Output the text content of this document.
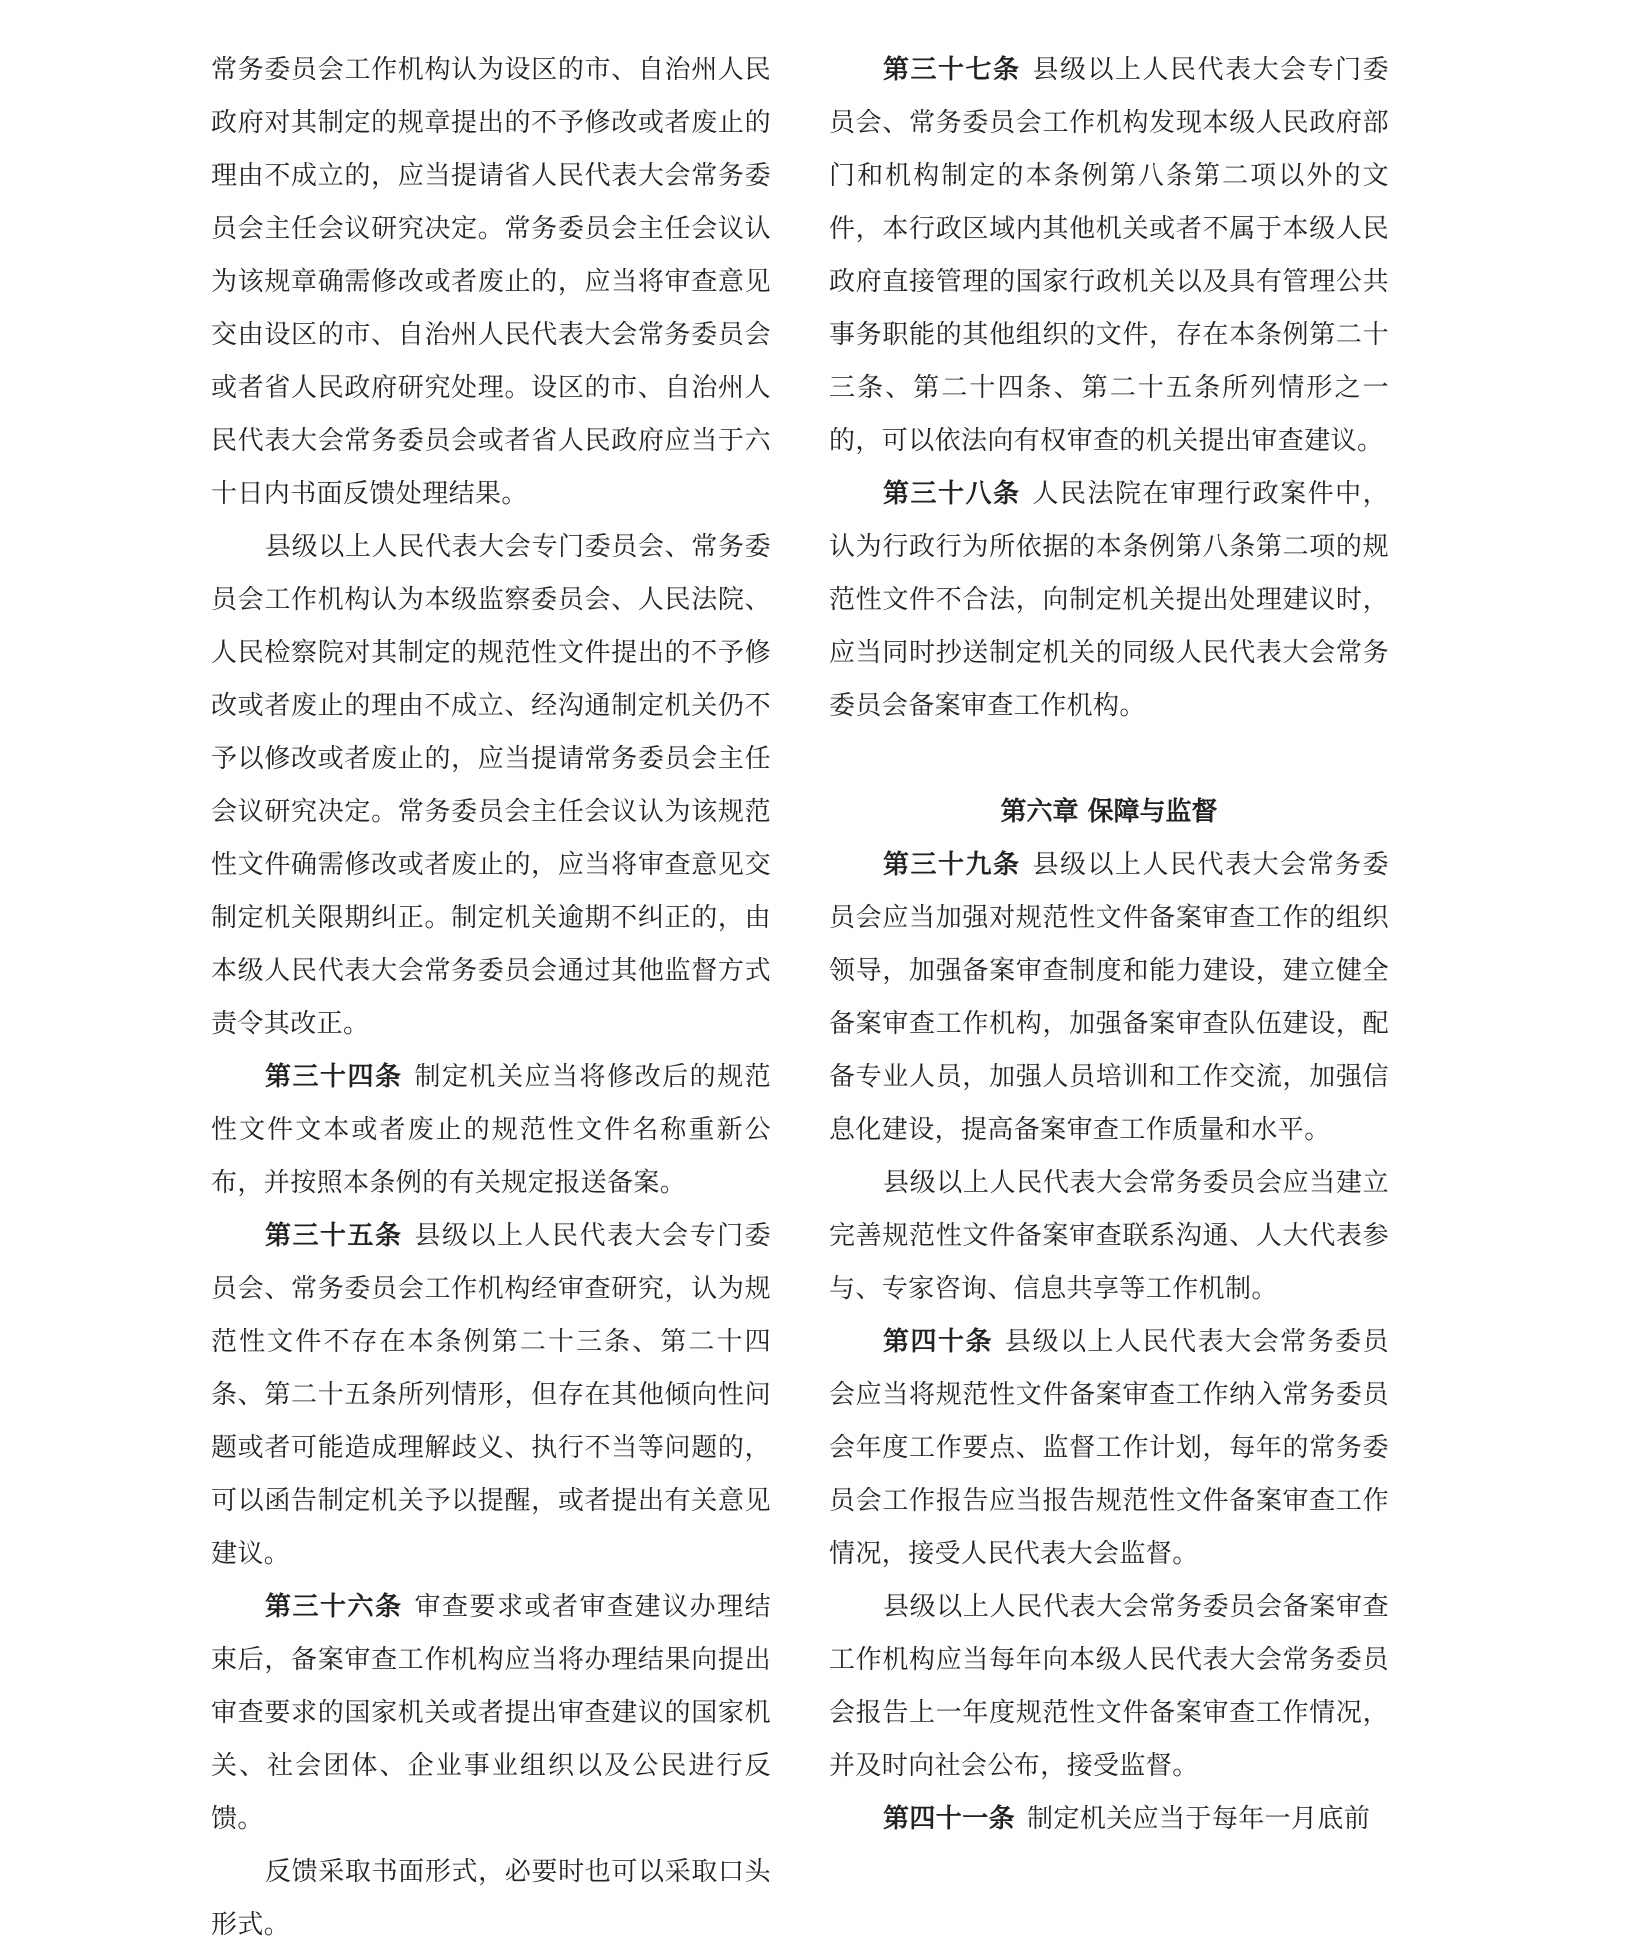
常务委员会工作机构认为设区的市、自治州人民政府对其制定的规章提出的不予修改或者废止的理由不成立的，应当提请省人民代表大会常务委员会主任会议研究决定。常务委员会主任会议认为该规章确需修改或者废止的，应当将审查意见交由设区的市、自治州人民代表大会常务委员会或者省人民政府研究处理。设区的市、自治州人民代表大会常务委员会或者省人民政府应当于六十日内书面反馈处理结果。

县级以上人民代表大会专门委员会、常务委员会工作机构认为本级监察委员会、人民法院、人民检察院对其制定的规范性文件提出的不予修改或者废止的理由不成立、经沟通制定机关仍不予以修改或者废止的，应当提请常务委员会主任会议研究决定。常务委员会主任会议认为该规范性文件确需修改或者废止的，应当将审查意见交制定机关限期纠正。制定机关逾期不纠正的，由本级人民代表大会常务委员会通过其他监督方式责令其改正。

第三十四条 制定机关应当将修改后的规范性文件文本或者废止的规范性文件名称重新公布，并按照本条例的有关规定报送备案。

第三十五条 县级以上人民代表大会专门委员会、常务委员会工作机构经审查研究，认为规范性文件不存在本条例第二十三条、第二十四条、第二十五条所列情形，但存在其他倾向性问题或者可能造成理解歧义、执行不当等问题的，可以函告制定机关予以提醒，或者提出有关意见建议。

第三十六条 审查要求或者审查建议办理结束后，备案审查工作机构应当将办理结果向提出审查要求的国家机关或者提出审查建议的国家机关、社会团体、企业事业组织以及公民进行反馈。

反馈采取书面形式，必要时也可以采取口头形式。

第三十七条 县级以上人民代表大会专门委员会、常务委员会工作机构发现本级人民政府部门和机构制定的本条例第八条第二项以外的文件，本行政区域内其他机关或者不属于本级人民政府直接管理的国家行政机关以及具有管理公共事务职能的其他组织的文件，存在本条例第二十三条、第二十四条、第二十五条所列情形之一的，可以依法向有权审查的机关提出审查建议。

第三十八条 人民法院在审理行政案件中，认为行政行为所依据的本条例第八条第二项的规范性文件不合法，向制定机关提出处理建议时，应当同时抄送制定机关的同级人民代表大会常务委员会备案审查工作机构。

第六章 保障与监督

第三十九条 县级以上人民代表大会常务委员会应当加强对规范性文件备案审查工作的组织领导，加强备案审查制度和能力建设，建立健全备案审查工作机构，加强备案审查队伍建设，配备专业人员，加强人员培训和工作交流，加强信息化建设，提高备案审查工作质量和水平。

县级以上人民代表大会常务委员会应当建立完善规范性文件备案审查联系沟通、人大代表参与、专家咨询、信息共享等工作机制。

第四十条 县级以上人民代表大会常务委员会应当将规范性文件备案审查工作纳入常务委员会年度工作要点、监督工作计划，每年的常务委员会工作报告应当报告规范性文件备案审查工作情况，接受人民代表大会监督。

县级以上人民代表大会常务委员会备案审查工作机构应当每年向本级人民代表大会常务委员会报告上一年度规范性文件备案审查工作情况，并及时向社会公布，接受监督。

第四十一条 制定机关应当于每年一月底前
